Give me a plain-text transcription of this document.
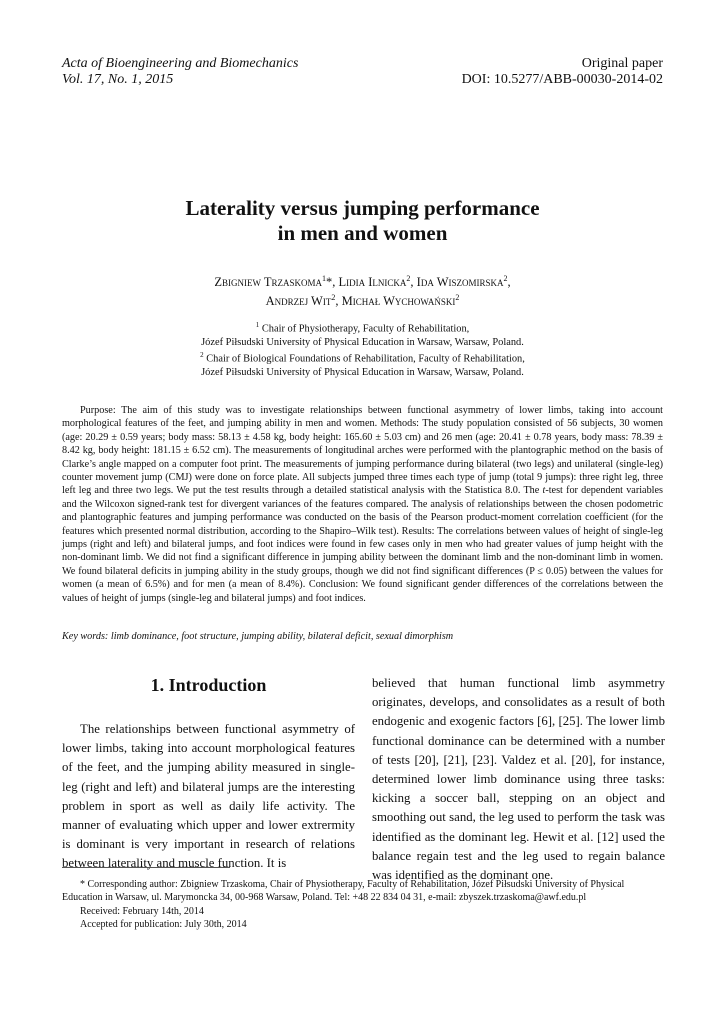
Acta of Bioengineering and Biomechanics
Vol. 17, No. 1, 2015
Original paper
DOI: 10.5277/ABB-00030-2014-02
Laterality versus jumping performance
in men and women
Zbigniew Trzaskoma$^1$*, Lidia Ilnicka$^2$, Ida Wiszomirska$^2$,
Andrzej Wit$^2$, Michał Wychowański$^2$
$^1$ Chair of Physiotherapy, Faculty of Rehabilitation,
Józef Piłsudski University of Physical Education in Warsaw, Warsaw, Poland.
$^2$ Chair of Biological Foundations of Rehabilitation, Faculty of Rehabilitation,
Józef Piłsudski University of Physical Education in Warsaw, Warsaw, Poland.
Purpose: The aim of this study was to investigate relationships between functional asymmetry of lower limbs, taking into account morphological features of the feet, and jumping ability in men and women. Methods: The study population consisted of 56 subjects, 30 women (age: 20.29 ± 0.59 years; body mass: 58.13 ± 4.58 kg, body height: 165.60 ± 5.03 cm) and 26 men (age: 20.41 ± 0.78 years, body mass: 78.39 ± 8.42 kg, body height: 181.15 ± 6.52 cm). The measurements of longitudinal arches were performed with the plantographic method on the basis of Clarke’s angle mapped on a computer foot print. The measurements of jumping performance during bilateral (two legs) and unilateral (single-leg) counter movement jump (CMJ) were done on force plate. All subjects jumped three times each type of jump (total 9 jumps): three right leg, three left leg and three two legs. We put the test results through a detailed statistical analysis with the Statistica 8.0. The t-test for dependent variables and the Wilcoxon signed-rank test for divergent variances of the features compared. The analysis of relationships between the chosen podometric and plantographic features and jumping performance was conducted on the basis of the Pearson product-moment correlation coefficient (for the features which presented normal distribution, according to the Shapiro–Wilk test). Results: The correlations between values of height of single-leg jumps (right and left) and bilateral jumps, and foot indices were found in few cases only in men who had greater values of jump height with the non-dominant limb. We did not find a significant difference in jumping ability between the dominant limb and the non-dominant limb in women. We found bilateral deficits in jumping ability in the study groups, though we did not find significant differences (P ≤ 0.05) between the values for women (a mean of 6.5%) and for men (a mean of 8.4%). Conclusion: We found significant gender differences of the correlations between the values of height of jumps (single-leg and bilateral jumps) and foot indices.
Key words: limb dominance, foot structure, jumping ability, bilateral deficit, sexual dimorphism
1. Introduction
The relationships between functional asymmetry of lower limbs, taking into account morphological features of the feet, and the jumping ability measured in single-leg (right and left) and bilateral jumps are the interesting problem in sport as well as daily life activity. The manner of evaluating which upper and lower extrermity is dominant is very important in research of relations between laterality and muscle function. It is
believed that human functional limb asymmetry originates, develops, and consolidates as a result of both endogenic and exogenic factors [6], [25]. The lower limb functional dominance can be determined with a number of tests [20], [21], [23]. Valdez et al. [20], for instance, determined lower limb dominance using three tasks: kicking a soccer ball, stepping on an object and smoothing out sand, the leg used to perform the task was identified as the dominant leg. Hewit et al. [12] used the balance regain test and the leg used to regain balance was identified as the dominant one.
* Corresponding author: Zbigniew Trzaskoma, Chair of Physiotherapy, Faculty of Rehabilitation, Józef Piłsudski University of Physical Education in Warsaw, ul. Marymoncka 34, 00-968 Warsaw, Poland. Tel: +48 22 834 04 31, e-mail: zbyszek.trzaskoma@awf.edu.pl
Received: February 14th, 2014
Accepted for publication: July 30th, 2014
